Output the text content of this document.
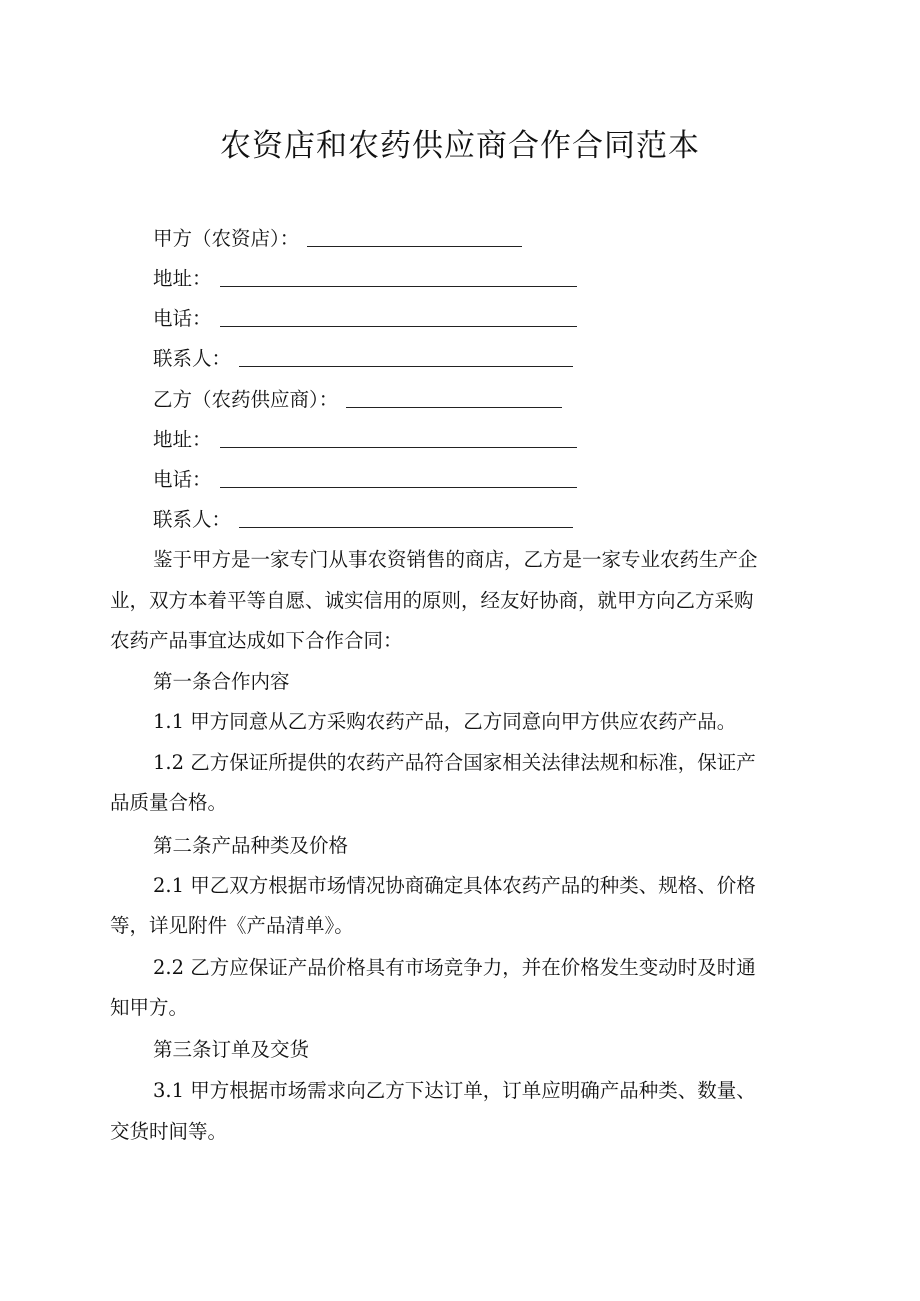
农资店和农药供应商合作合同范本
甲方（农资店）：
地址：
电话：
联系人：
乙方（农药供应商）：
地址：
电话：
联系人：
鉴于甲方是一家专门从事农资销售的商店，乙方是一家专业农药生产企
业，双方本着平等自愿、诚实信用的原则，经友好协商，就甲方向乙方采购
农药产品事宜达成如下合作合同：
第一条合作内容
1.1 甲方同意从乙方采购农药产品，乙方同意向甲方供应农药产品。
1.2 乙方保证所提供的农药产品符合国家相关法律法规和标准，保证产
品质量合格。
第二条产品种类及价格
2.1 甲乙双方根据市场情况协商确定具体农药产品的种类、规格、价格
等，详见附件《产品清单》。
2.2 乙方应保证产品价格具有市场竞争力，并在价格发生变动时及时通
知甲方。
第三条订单及交货
3.1 甲方根据市场需求向乙方下达订单，订单应明确产品种类、数量、
交货时间等。
